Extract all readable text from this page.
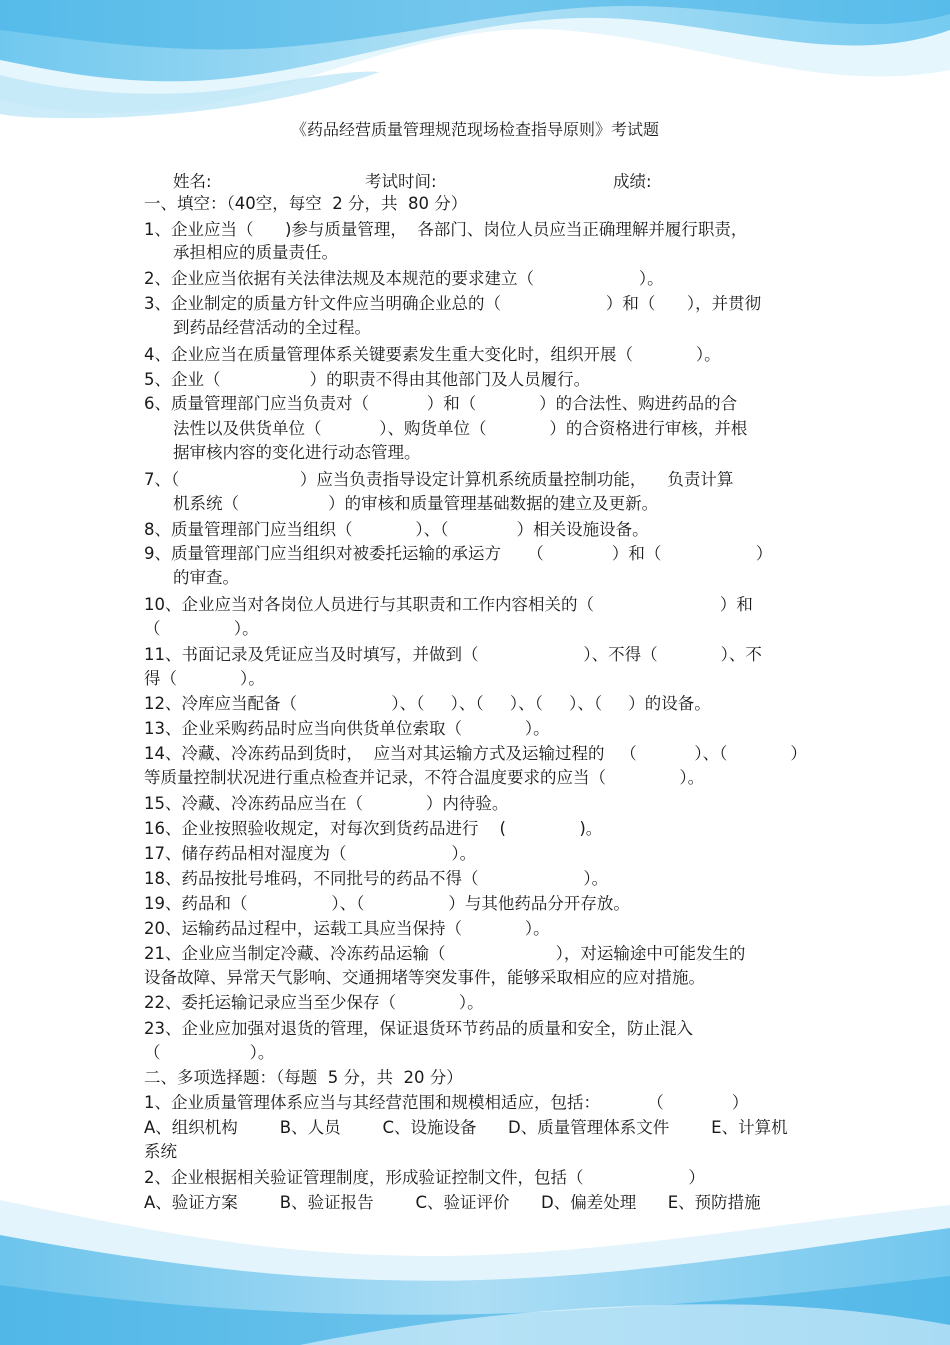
《药品经营质量管理规范现场检查指导原则》考试题
姓名:	考试时间:	成绩:
一、填空：（40空，每空  2 分，共  80 分）
1、企业应当（      )参与质量管理，  各部门、岗位人员应当正确理解并履行职责，
承担相应的质量责任。
2、企业应当依据有关法律法规及本规范的要求建立（                    ）。
3、企业制定的质量方针文件应当明确企业总的（                    ）和（      ），并贯彻
到药品经营活动的全过程。
4、企业应当在质量管理体系关键要素发生重大变化时，组织开展（            ）。
5、企业（                 ）的职责不得由其他部门及人员履行。
6、质量管理部门应当负责对（           ）和（            ）的合法性、购进药品的合
法性以及供货单位（           ）、购货单位（            ）的合资格进行审核，并根
据审核内容的变化进行动态管理。
7、（                       ）应当负责指导设定计算机系统质量控制功能，    负责计算
机系统（                 ）的审核和质量管理基础数据的建立及更新。
8、质量管理部门应当组织（            ）、（             ）相关设施设备。
9、质量管理部门应当组织对被委托运输的承运方     （             ）和（                  ）
的审查。
10、企业应当对各岗位人员进行与其职责和工作内容相关的（                        ）和
（              ）。
11、书面记录及凭证应当及时填写，并做到（                    ）、不得（            ）、不
得（            ）。
12、冷库应当配备（                  ）、（     ）、（     ）、（     ）、（     ）的设备。
13、企业采购药品时应当向供货单位索取（            ）。
14、冷藏、冷冻药品到货时，  应当对其运输方式及运输过程的   （           ）、（            ）
等质量控制状况进行重点检查并记录，不符合温度要求的应当（              ）。
15、冷藏、冷冻药品应当在（            ）内待验。
16、企业按照验收规定，对每次到货药品进行    (              )。
17、储存药品相对湿度为（                    ）。
18、药品按批号堆码，不同批号的药品不得（                    ）。
19、药品和（                ）、（                ）与其他药品分开存放。
20、运输药品过程中，运载工具应当保持（            ）。
21、企业应当制定冷藏、冷冻药品运输（                     ），对运输途中可能发生的
设备故障、异常天气影响、交通拥堵等突发事件，能够采取相应的应对措施。
22、委托运输记录应当至少保存（            ）。
23、企业应加强对退货的管理，保证退货环节药品的质量和安全，防止混入
（                 ）。
二、多项选择题：（每题  5 分，共  20 分）
1、企业质量管理体系应当与其经营范围和规模相适应，包括：         （             ）
A、组织机构        B、人员        C、设施设备      D、质量管理体系文件        E、计算机
系统
2、企业根据相关验证管理制度，形成验证控制文件，包括（                    ）
A、验证方案        B、验证报告        C、验证评价      D、偏差处理      E、预防措施
